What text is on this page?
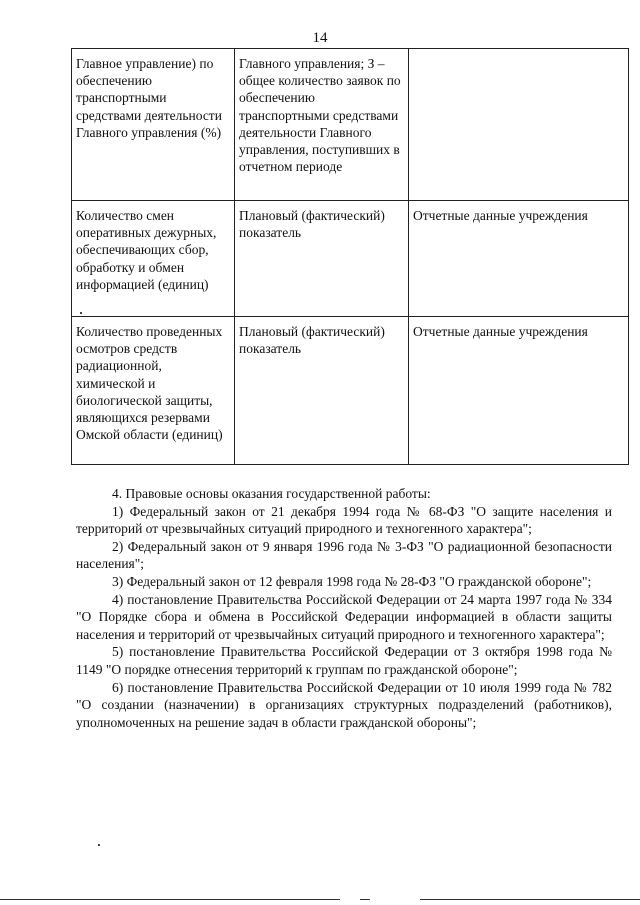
14
Главное управление) по обеспечению транспортными средствами деятельности Главного управления (%)	Главного управления; З – общее количество заявок по обеспечению транспортными средствами деятельности Главного управления, поступивших в отчетном периоде	
Количество смен оперативных дежурных, обеспечивающих сбор, обработку и обмен информацией (единиц)	Плановый (фактический) показатель	Отчетные данные учреждения
Количество проведенных осмотров средств радиационной, химической и биологической защиты, являющихся резервами Омской области (единиц)	Плановый (фактический) показатель	Отчетные данные учреждения

4. Правовые основы оказания государственной работы:

1) Федеральный закон от 21 декабря 1994 года № 68-ФЗ "О защите населения и территорий от чрезвычайных ситуаций природного и техногенного характера";

2) Федеральный закон от 9 января 1996 года № 3-ФЗ "О радиационной безопасности населения";

3) Федеральный закон от 12 февраля 1998 года № 28-ФЗ "О гражданской обороне";

4) постановление Правительства Российской Федерации от 24 марта 1997 года № 334 "О Порядке сбора и обмена в Российской Федерации информацией в области защиты населения и территорий от чрезвычайных ситуаций природного и техногенного характера";

5) постановление Правительства Российской Федерации от 3 октября 1998 года № 1149 "О порядке отнесения территорий к группам по гражданской обороне";

6) постановление Правительства Российской Федерации от 10 июля 1999 года № 782 "О создании (назначении) в организациях структурных подразделений (работников), уполномоченных на решение задач в области гражданской обороны";
